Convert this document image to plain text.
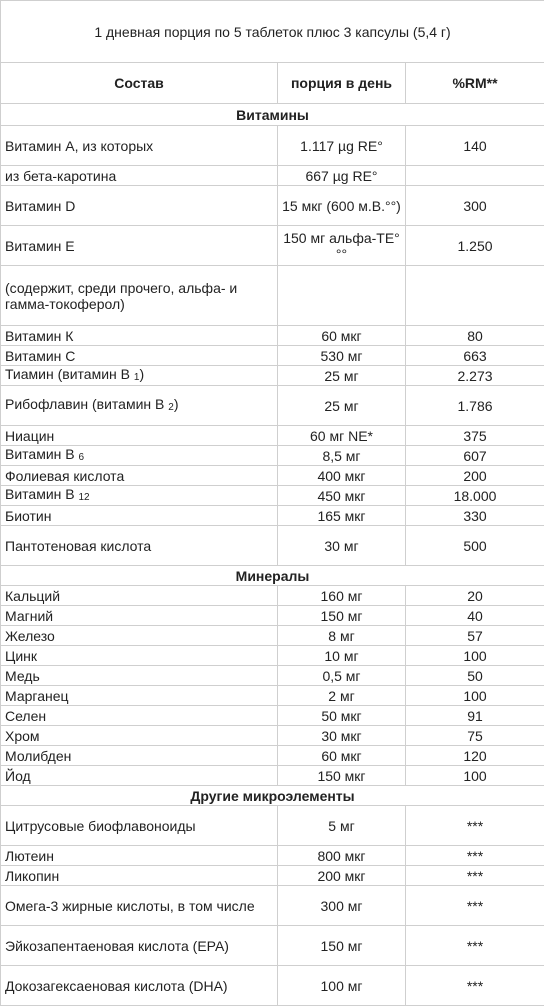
1 дневная порция по 5 таблеток плюс 3 капсулы (5,4 г)		
Состав	порция в день	%RM**
Витамины		
Витамин А, из которых	1.117 µg RE°	140
из бета-каротина	667 µg RE°	
Витамин D	15 мкг (600 м.В.°°)	300
Витамин E	150 мг альфа-TE°°°	1.250
(содержит, среди прочего, альфа- и гамма-токоферол)		
Витамин К	60 мкг	80
Витамин С	530 мг	663
Тиамин (витамин В $_1$)	25 мг	2.273
Рибофлавин (витамин В $_2$)	25 мг	1.786
Ниацин	60 мг NE*	375
Витамин В $_6$	8,5 мг	607
Фолиевая кислота	400 мкг	200
Витамин В $_{12}$	450 мкг	18.000
Биотин	165 мкг	330
Пантотеновая кислота	30 мг	500
Минералы		
Кальций	160 мг	20
Магний	150 мг	40
Железо	8 мг	57
Цинк	10 мг	100
Медь	0,5 мг	50
Марганец	2 мг	100
Селен	50 мкг	91
Хром	30 мкг	75
Молибден	60 мкг	120
Йод	150 мкг	100
Другие микроэлементы		
Цитрусовые биофлавоноиды	5 мг	***
Лютеин	800 мкг	***
Ликопин	200 мкг	***
Омега-3 жирные кислоты, в том числе	300 мг	***
Эйкозапентаеновая кислота (EPA)	150 мг	***
Докозагексаеновая кислота (DHA)	100 мг	***
